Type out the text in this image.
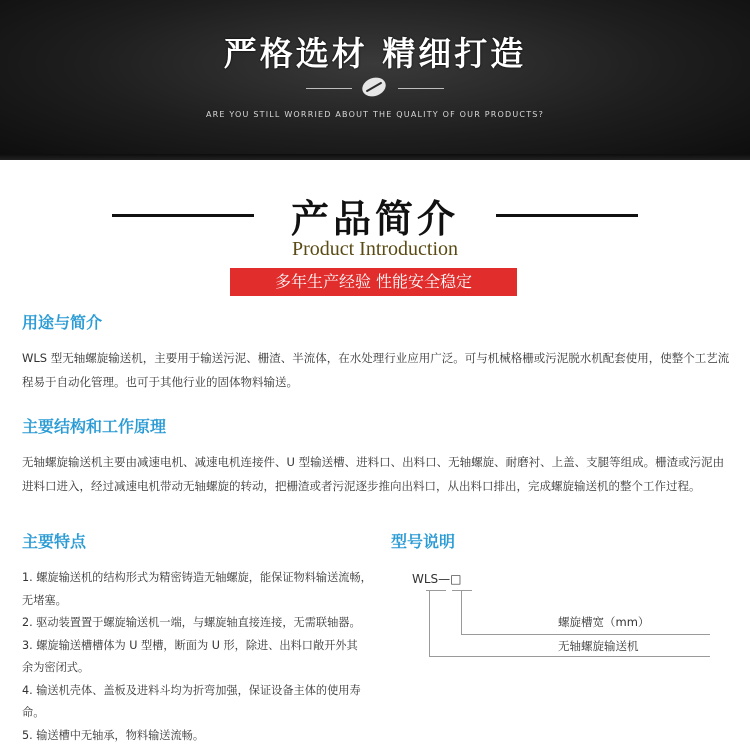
严格选材 精细打造
ARE YOU STILL WORRIED ABOUT THE QUALITY OF OUR PRODUCTS?
产品简介
Product Introduction
多年生产经验 性能安全稳定
用途与简介
WLS 型无轴螺旋输送机，主要用于输送污泥、栅渣、半流体，在水处理行业应用广泛。可与机械格栅或污泥脱水机配套使用，使整个工艺流程易于自动化管理。也可于其他行业的固体物料输送。
主要结构和工作原理
无轴螺旋输送机主要由减速电机、减速电机连接件、U 型输送槽、进料口、出料口、无轴螺旋、耐磨衬、上盖、支腿等组成。栅渣或污泥由进料口进入，经过减速电机带动无轴螺旋的转动，把栅渣或者污泥逐步推向出料口，从出料口排出，完成螺旋输送机的整个工作过程。
主要特点
1. 螺旋输送机的结构形式为精密铸造无轴螺旋，能保证物料输送流畅，
无堵塞。
2. 驱动装置置于螺旋输送机一端，与螺旋轴直接连接，无需联轴器。
3. 螺旋输送槽槽体为 U 型槽，断面为 U 形，除进、出料口敞开外其
余为密闭式。
4. 输送机壳体、盖板及进料斗均为折弯加强，保证设备主体的使用寿
命。
5. 输送槽中无轴承，物料输送流畅。
型号说明
WLS—□
螺旋槽宽（mm）
无轴螺旋输送机
